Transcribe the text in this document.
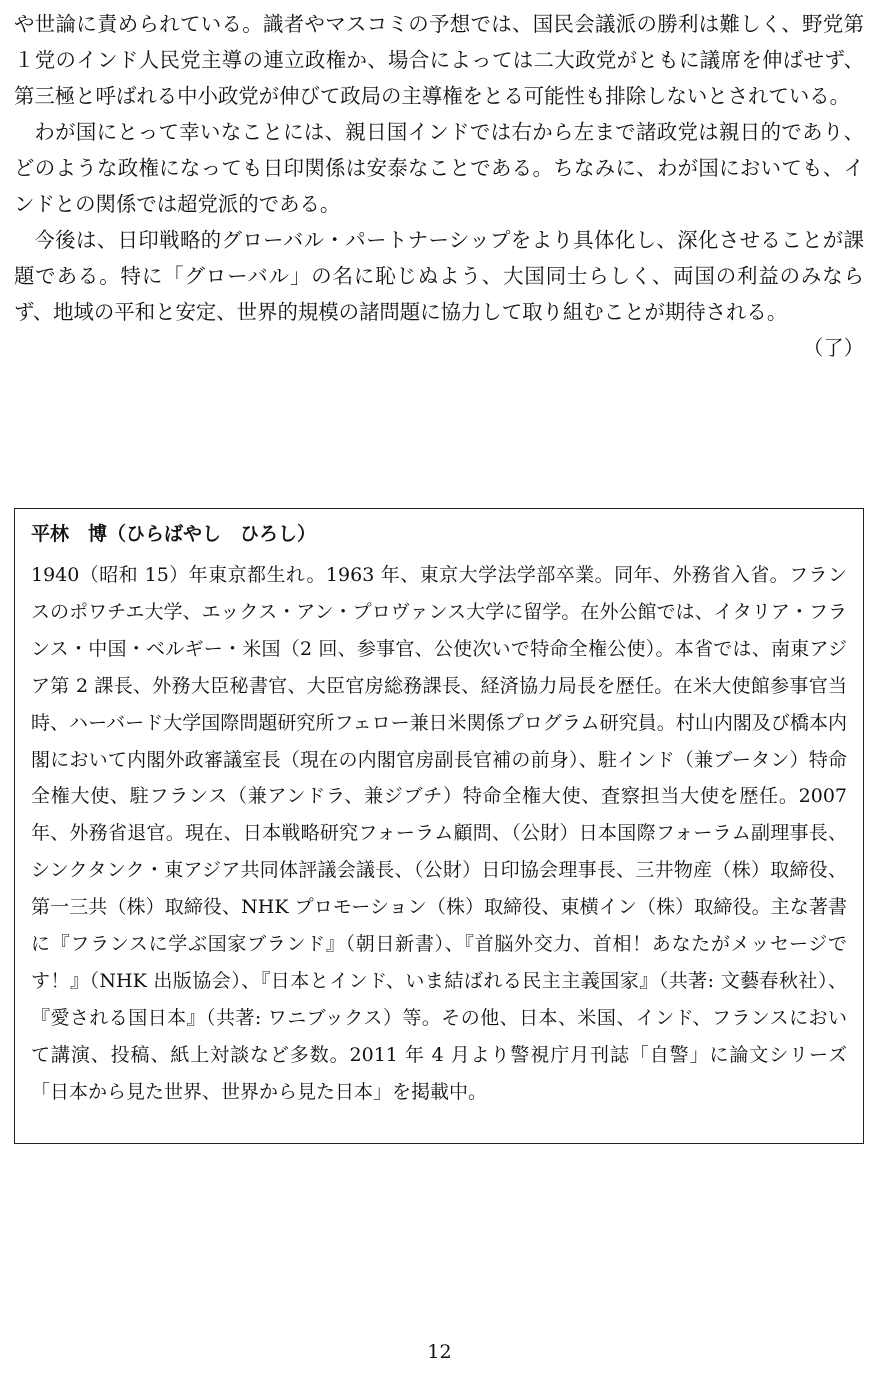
や世論に責められている。識者やマスコミの予想では、国民会議派の勝利は難しく、野党第１党のインド人民党主導の連立政権か、場合によっては二大政党がともに議席を伸ばせず、第三極と呼ばれる中小政党が伸びて政局の主導権をとる可能性も排除しないとされている。

わが国にとって幸いなことには、親日国インドでは右から左まで諸政党は親日的であり、どのような政権になっても日印関係は安泰なことである。ちなみに、わが国においても、インドとの関係では超党派的である。

今後は、日印戦略的グローバル・パートナーシップをより具体化し、深化させることが課題である。特に「グローバル」の名に恥じぬよう、大国同士らしく、両国の利益のみならず、地域の平和と安定、世界的規模の諸問題に協力して取り組むことが期待される。
（了）

平林　博（ひらばやし　ひろし）

1940（昭和 15）年東京都生れ。1963 年、東京大学法学部卒業。同年、外務省入省。フランスのポワチエ大学、エックス・アン・プロヴァンス大学に留学。在外公館では、イタリア・フランス・中国・ベルギー・米国（2 回、参事官、公使次いで特命全権公使）。本省では、南東アジア第 2 課長、外務大臣秘書官、大臣官房総務課長、経済協力局長を歴任。在米大使館参事官当時、ハーバード大学国際問題研究所フェロー兼日米関係プログラム研究員。村山内閣及び橋本内閣において内閣外政審議室長（現在の内閣官房副長官補の前身）、駐インド（兼ブータン）特命全権大使、駐フランス（兼アンドラ、兼ジブチ）特命全権大使、査察担当大使を歴任。2007 年、外務省退官。現在、日本戦略研究フォーラム顧問、（公財）日本国際フォーラム副理事長、シンクタンク・東アジア共同体評議会議長、（公財）日印協会理事長、三井物産（株）取締役、第一三共（株）取締役、NHK プロモーション（株）取締役、東横イン（株）取締役。主な著書に『フランスに学ぶ国家ブランド』（朝日新書）、『首脳外交力、首相！あなたがメッセージです！』（NHK 出版協会）、『日本とインド、いま結ばれる民主主義国家』（共著: 文藝春秋社）、『愛される国日本』（共著: ワニブックス）等。その他、日本、米国、インド、フランスにおいて講演、投稿、紙上対談など多数。2011 年 4 月より警視庁月刊誌「自警」に論文シリーズ「日本から見た世界、世界から見た日本」を掲載中。

12
